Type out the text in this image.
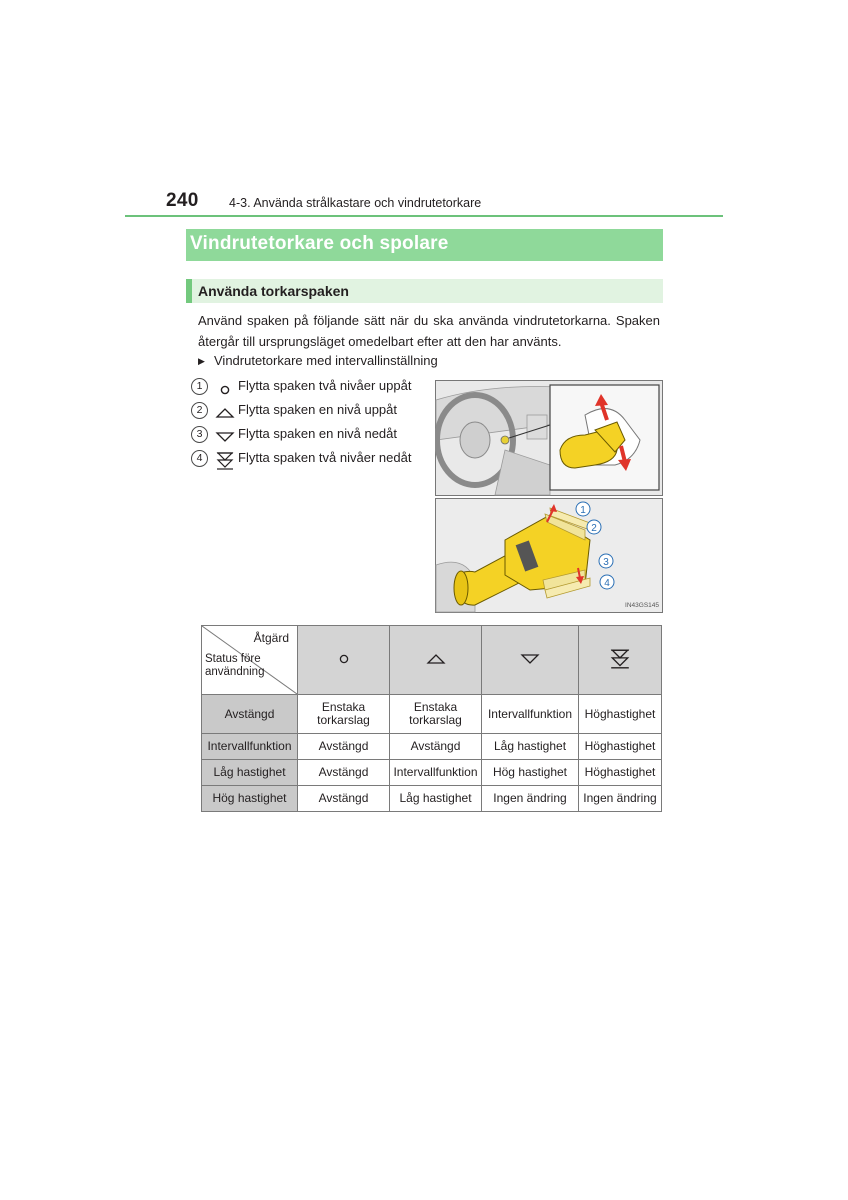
240 4-3. Använda strålkastare och vindrutetorkare
Vindrutetorkare och spolare
Använda torkarspaken
Använd spaken på följande sätt när du ska använda vindrutetorkarna. Spaken återgår till ursprungsläget omedelbart efter att den har använts.
▶ Vindrutetorkare med intervallinställning
1	Flytta spaken två nivåer uppåt
2	Flytta spaken en nivå uppåt
3	Flytta spaken en nivå nedåt
4	Flytta spaken två nivåer nedåt
1
2
3
4
IN43GS145
Åtgärd
Status före användning

Avstängd	Enstaka torkarslag	Enstaka torkarslag	Intervallfunktion	Höghastighet
Intervallfunktion	Avstängd	Avstängd	Låg hastighet	Höghastighet
Låg hastighet	Avstängd	Intervallfunktion	Hög hastighet	Höghastighet
Hög hastighet	Avstängd	Låg hastighet	Ingen ändring	Ingen ändring
